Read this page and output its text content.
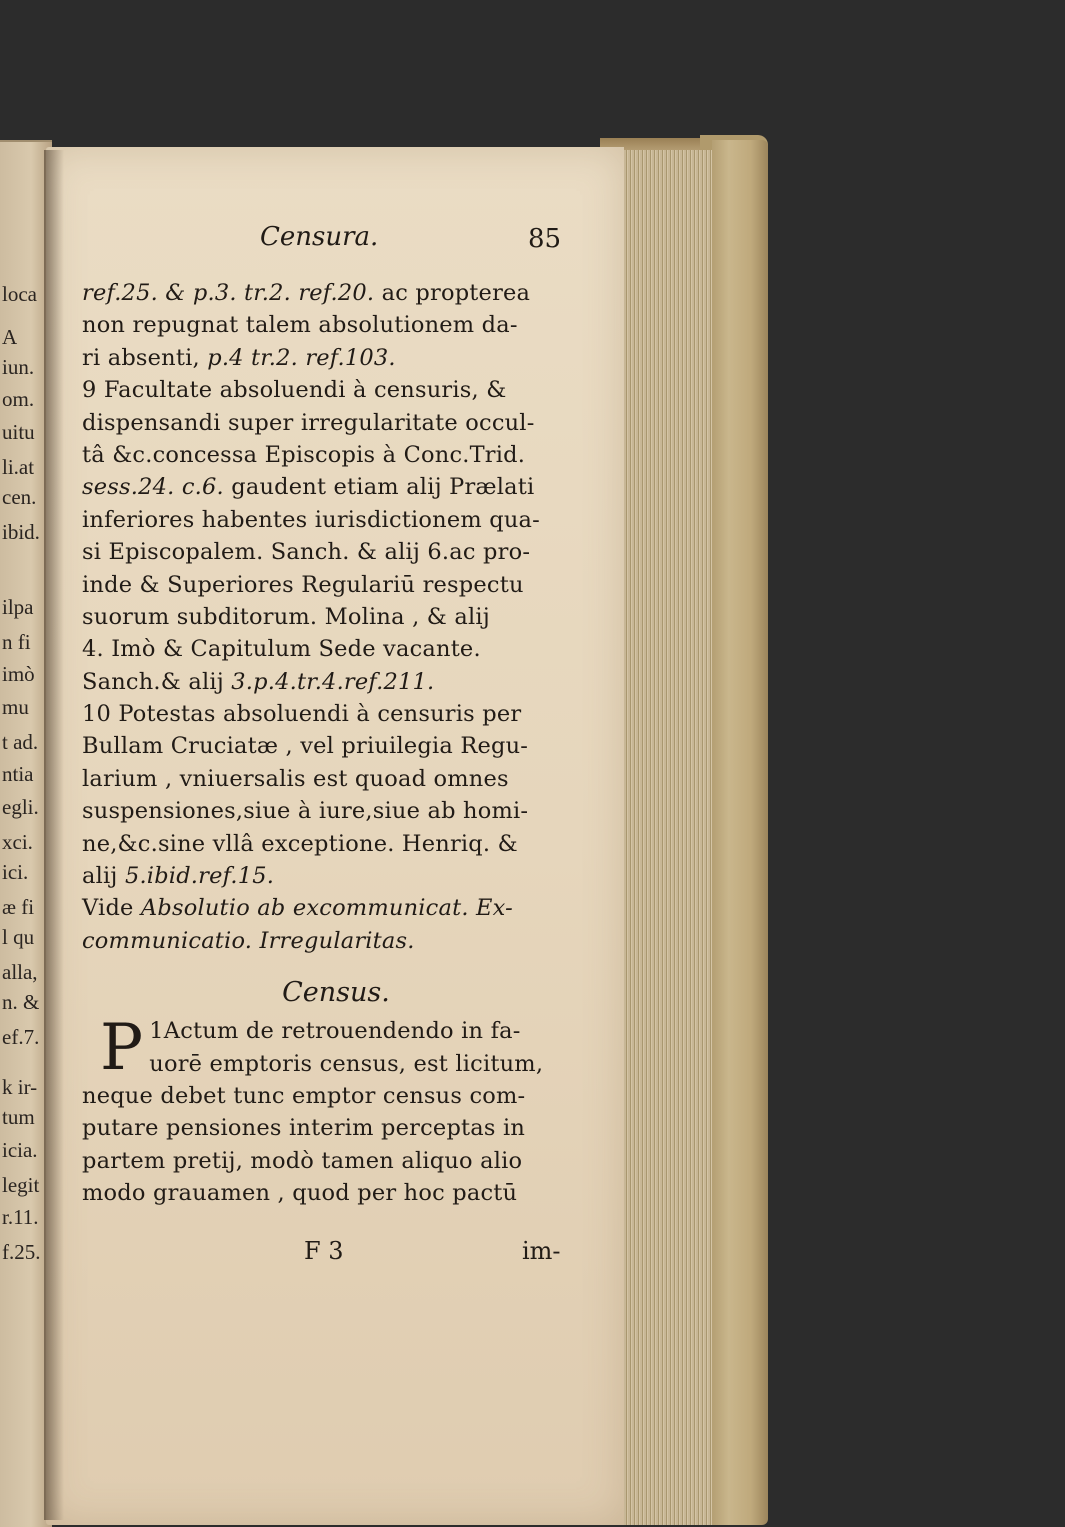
loca
A
iun.
om.
uitu
li.at
cen.
ibid.
ilpa
n fi
imò
mu
t ad.
ntia
egli.
xci.
ici.
æ fi
l qu
alla,
n. &
ef.7.
k ir-
tum
icia.
legit
r.11.
f.25.
Censura.	85
ref.25. & p.3. tr.2. ref.20. ac propterea
non repugnat talem absolutionem da-
ri absenti, p.4 tr.2. ref.103.
9 Facultate absoluendi à censuris, &
dispensandi super irregularitate occul-
tâ &c.concessa Episcopis à Conc.Trid.
sess.24. c.6. gaudent etiam alij Prælati
inferiores habentes iurisdictionem qua-
si Episcopalem. Sanch. & alij 6.ac pro-
inde & Superiores Regulariū respectu
suorum subditorum. Molina , & alij
4. Imò & Capitulum Sede vacante.
Sanch.& alij 3.p.4.tr.4.ref.211.
10 Potestas absoluendi à censuris per
Bullam Cruciatæ , vel priuilegia Regu-
larium , vniuersalis est quoad omnes
suspensiones,siue à iure,siue ab homi-
ne,&c.sine vllâ exceptione. Henriq. &
alij 5.ibid.ref.15.
Vide Absolutio ab excommunicat. Ex-
communicatio. Irregularitas.
Census.
1
P Actum de retrouendendo in fa-
uorē emptoris census, est licitum,
neque debet tunc emptor census com-
putare pensiones interim perceptas in
partem pretij, modò tamen aliquo alio
modo grauamen , quod per hoc pactū
F 3	im-
